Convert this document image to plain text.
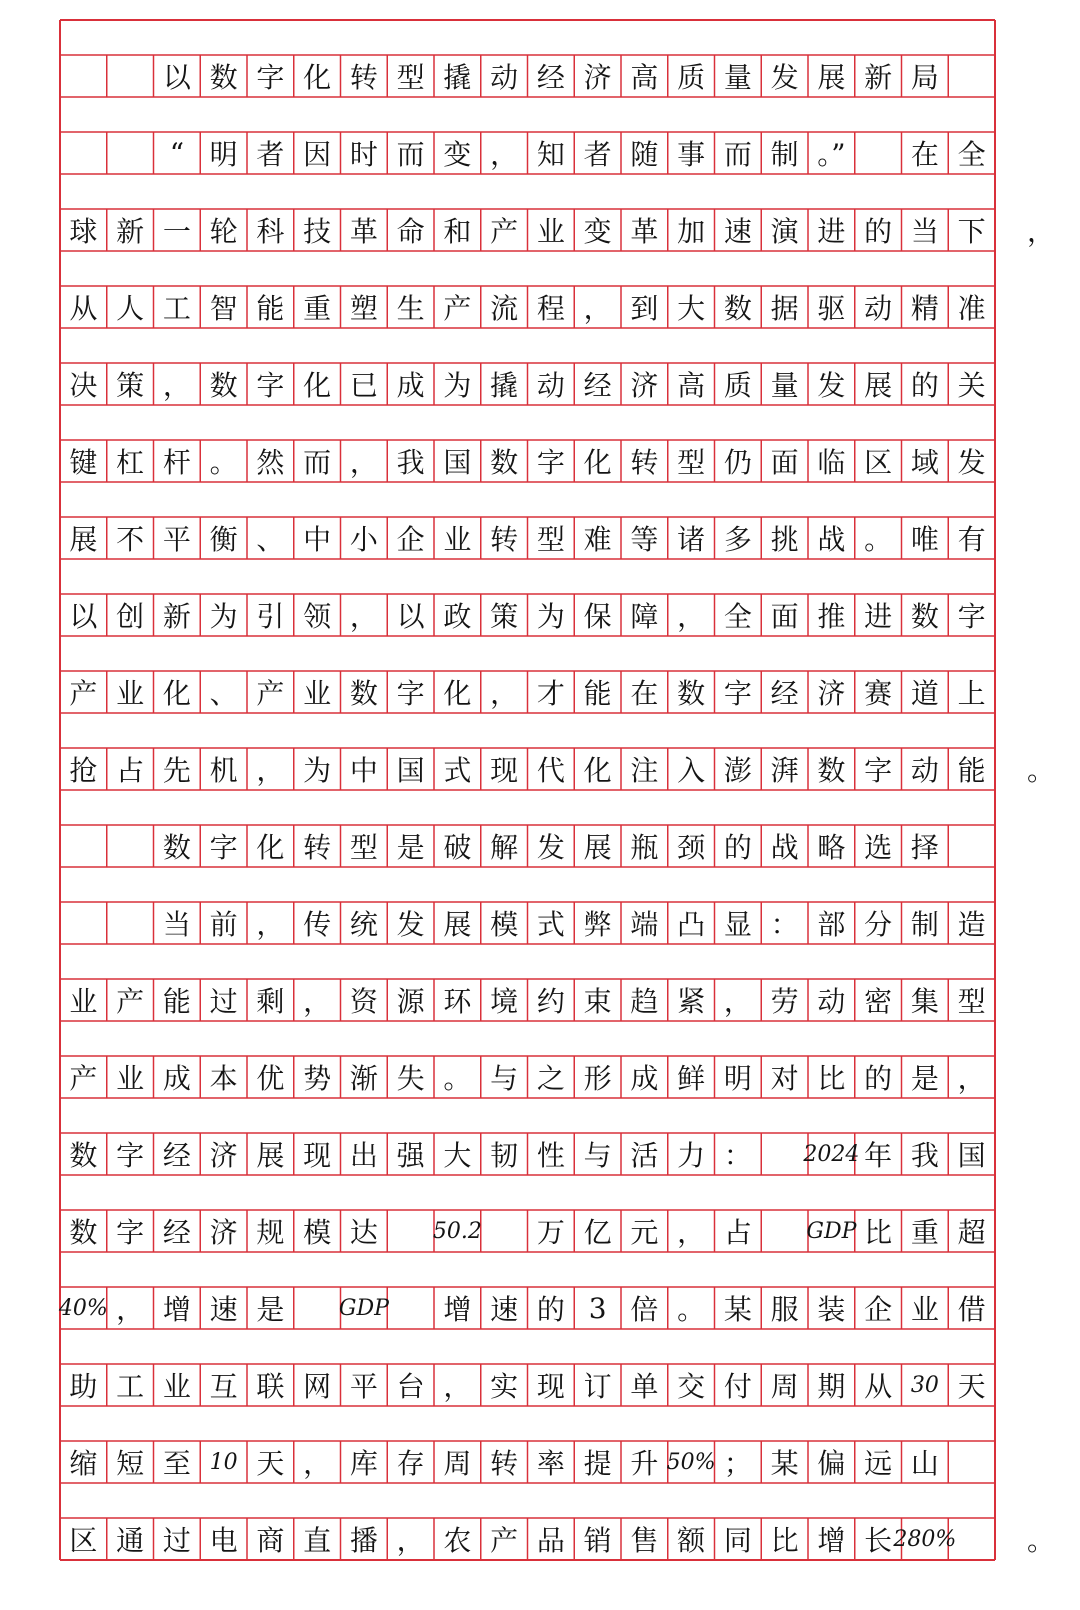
以 数 字 化 转 型 撬 动 经 济 高 质 量 发 展 新 局
“ 明 者 因 时 而 变 ， 知 者 随 事 而 制 。”	在 全
球 新 一 轮 科 技 革 命 和 产 业 变 革 加 速 演 进 的 当 下	，
从 人 工 智 能 重 塑 生 产 流 程 ， 到 大 数 据 驱 动 精 准
决 策 ， 数 字 化 已 成 为 撬 动 经 济 高 质 量 发 展 的 关
键 杠 杆 。 然 而 ， 我 国 数 字 化 转 型 仍 面 临 区 域 发
展 不 平 衡 、 中 小 企 业 转 型 难 等 诸 多 挑 战 。 唯 有
以 创 新 为 引 领 ， 以 政 策 为 保 障 ， 全 面 推 进 数 字
产 业 化 、 产 业 数 字 化 ， 才 能 在 数 字 经 济 赛 道 上
抢 占 先 机 ， 为 中 国 式 现 代 化 注 入 澎 湃 数 字 动 能	。
数 字 化 转 型 是 破 解 发 展 瓶 颈 的 战 略 选 择
当 前 ， 传 统 发 展 模 式 弊 端 凸 显 ： 部 分 制 造
业 产 能 过 剩 ， 资 源 环 境 约 束 趋 紧 ， 劳 动 密 集 型
产 业 成 本 优 势 渐 失 。 与 之 形 成 鲜 明 对 比 的 是 ，
数 字 经 济 展 现 出 强 大 韧 性 与 活 力 ：	2024 年 我 国
数 字 经 济 规 模 达	50.2	万 亿 元 ， 占	GDP 比 重 超
40% ， 增 速 是	GDP	增 速 的 3 倍 。 某 服 装 企 业 借
助 工 业 互 联 网 平 台 ， 实 现 订 单 交 付 周 期 从 30 天
缩 短 至 10 天 ， 库 存 周 转 率 提 升 50% ； 某 偏 远 山
区 通 过 电 商 直 播 ， 农 产 品 销 售 额 同 比 增 长 280%	。
